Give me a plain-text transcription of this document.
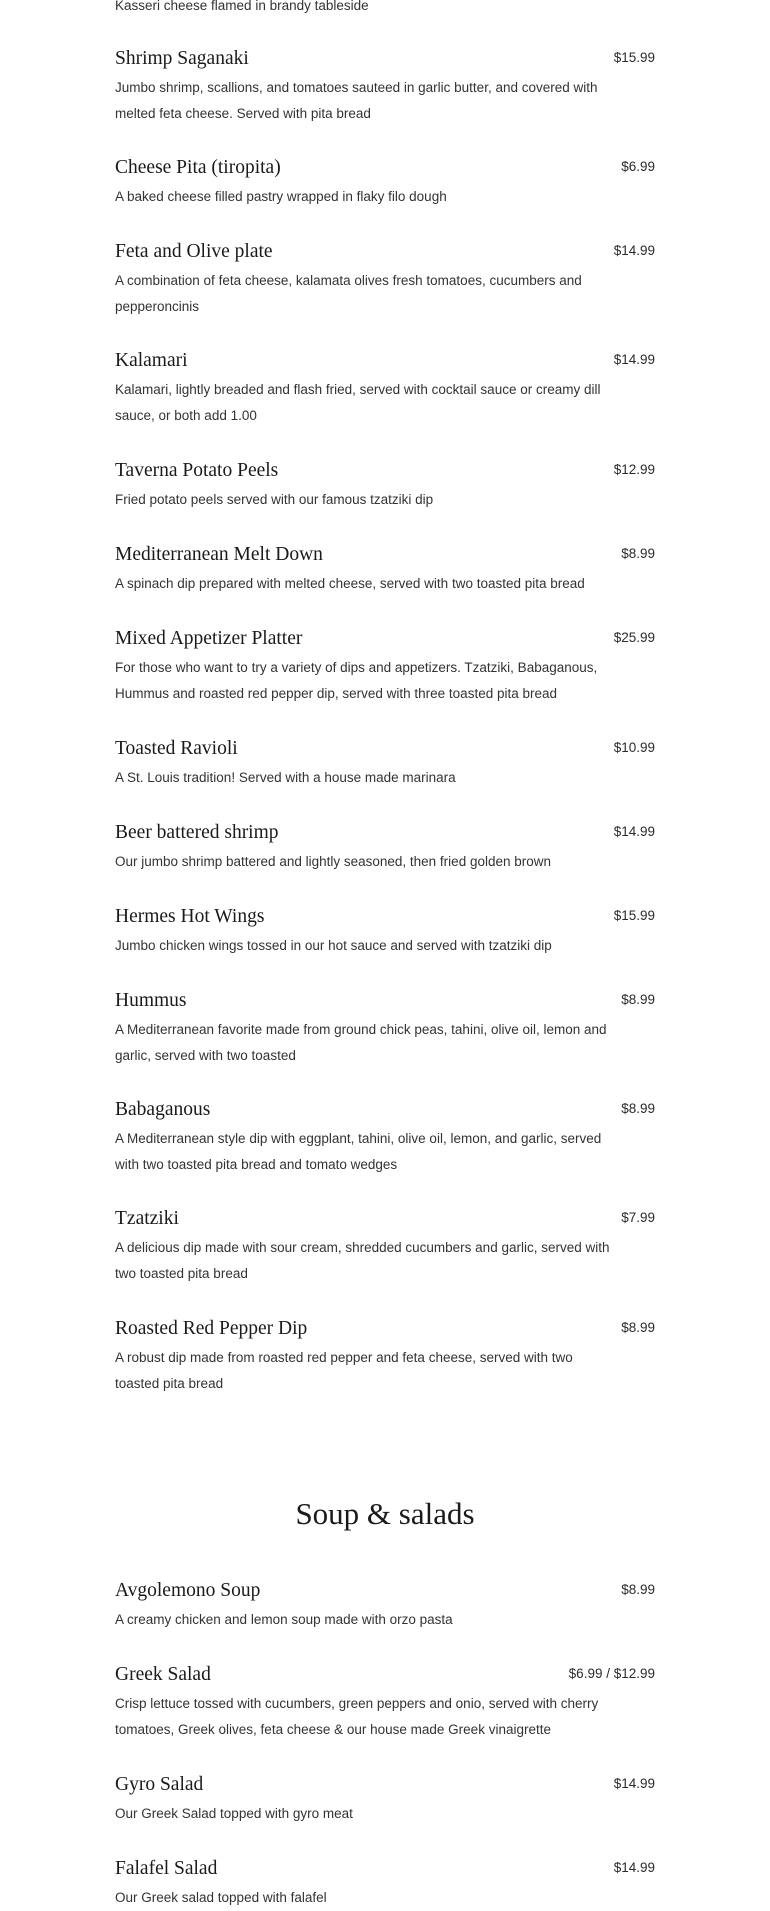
Kasseri cheese flamed in brandy tableside
Shrimp Saganaki	$15.99
Jumbo shrimp, scallions, and tomatoes sauteed in garlic butter, and covered with melted feta cheese. Served with pita bread
Cheese Pita (tiropita)	$6.99
A baked cheese filled pastry wrapped in flaky filo dough
Feta and Olive plate	$14.99
A combination of feta cheese, kalamata olives fresh tomatoes, cucumbers and pepperoncinis
Kalamari	$14.99
Kalamari, lightly breaded and flash fried, served with cocktail sauce or creamy dill sauce, or both add 1.00
Taverna Potato Peels	$12.99
Fried potato peels served with our famous tzatziki dip
Mediterranean Melt Down	$8.99
A spinach dip prepared with melted cheese, served with two toasted pita bread
Mixed Appetizer Platter	$25.99
For those who want to try a variety of dips and appetizers. Tzatziki, Babaganous, Hummus and roasted red pepper dip, served with three toasted pita bread
Toasted Ravioli	$10.99
A St. Louis tradition! Served with a house made marinara
Beer battered shrimp	$14.99
Our jumbo shrimp battered and lightly seasoned, then fried golden brown
Hermes Hot Wings	$15.99
Jumbo chicken wings tossed in our hot sauce and served with tzatziki dip
Hummus	$8.99
A Mediterranean favorite made from ground chick peas, tahini, olive oil, lemon and garlic, served with two toasted
Babaganous	$8.99
A Mediterranean style dip with eggplant, tahini, olive oil, lemon, and garlic, served with two toasted pita bread and tomato wedges
Tzatziki	$7.99
A delicious dip made with sour cream, shredded cucumbers and garlic, served with two toasted pita bread
Roasted Red Pepper Dip	$8.99
A robust dip made from roasted red pepper and feta cheese, served with two toasted pita bread
Soup & salads
Avgolemono Soup	$8.99
A creamy chicken and lemon soup made with orzo pasta
Greek Salad	$6.99 / $12.99
Crisp lettuce tossed with cucumbers, green peppers and onio, served with cherry tomatoes, Greek olives, feta cheese & our house made Greek vinaigrette
Gyro Salad	$14.99
Our Greek Salad topped with gyro meat
Falafel Salad	$14.99
Our Greek salad topped with falafel
